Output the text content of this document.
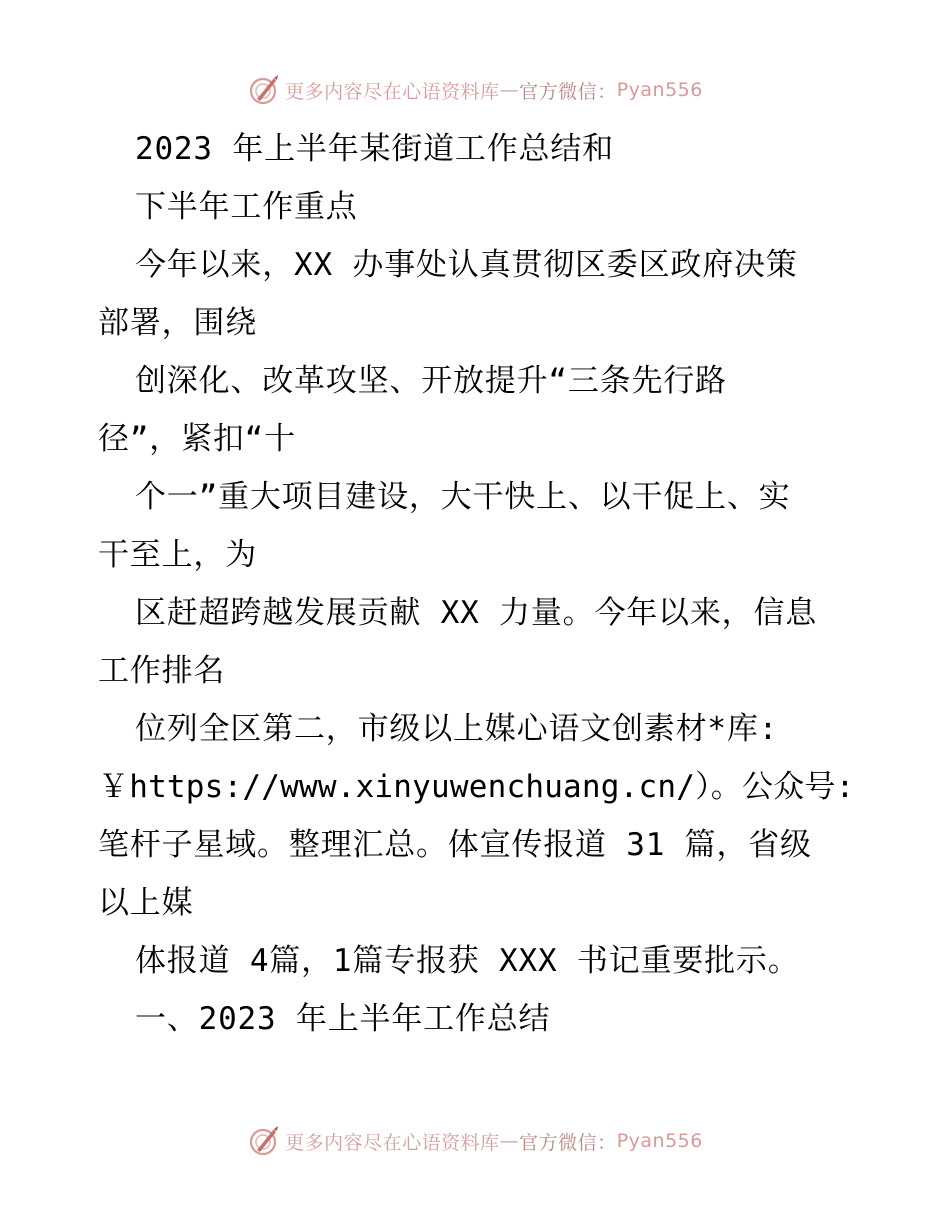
更多内容尽在心语资料库 — 官方微信： Pyan556
2023 年上半年某街道工作总结和
下半年工作重点
今年以来，XX 办事处认真贯彻区委区政府决策
部署，围绕
创深化、改革攻坚、开放提升“三条先行路
径”，紧扣“十
个一”重大项目建设，大干快上、以干促上、实
干至上，为
区赶超跨越发展贡献 XX 力量。今年以来，信息
工作排名
位列全区第二，市级以上媒心语文创素材*库:
￥https://www.xinyuwenchuang.cn/）。公众号:
笔杆子星域。整理汇总。体宣传报道 31 篇，省级
以上媒
体报道 4篇，1篇专报获 XXX 书记重要批示。
一、2023 年上半年工作总结
更多内容尽在心语资料库 — 官方微信： Pyan556
